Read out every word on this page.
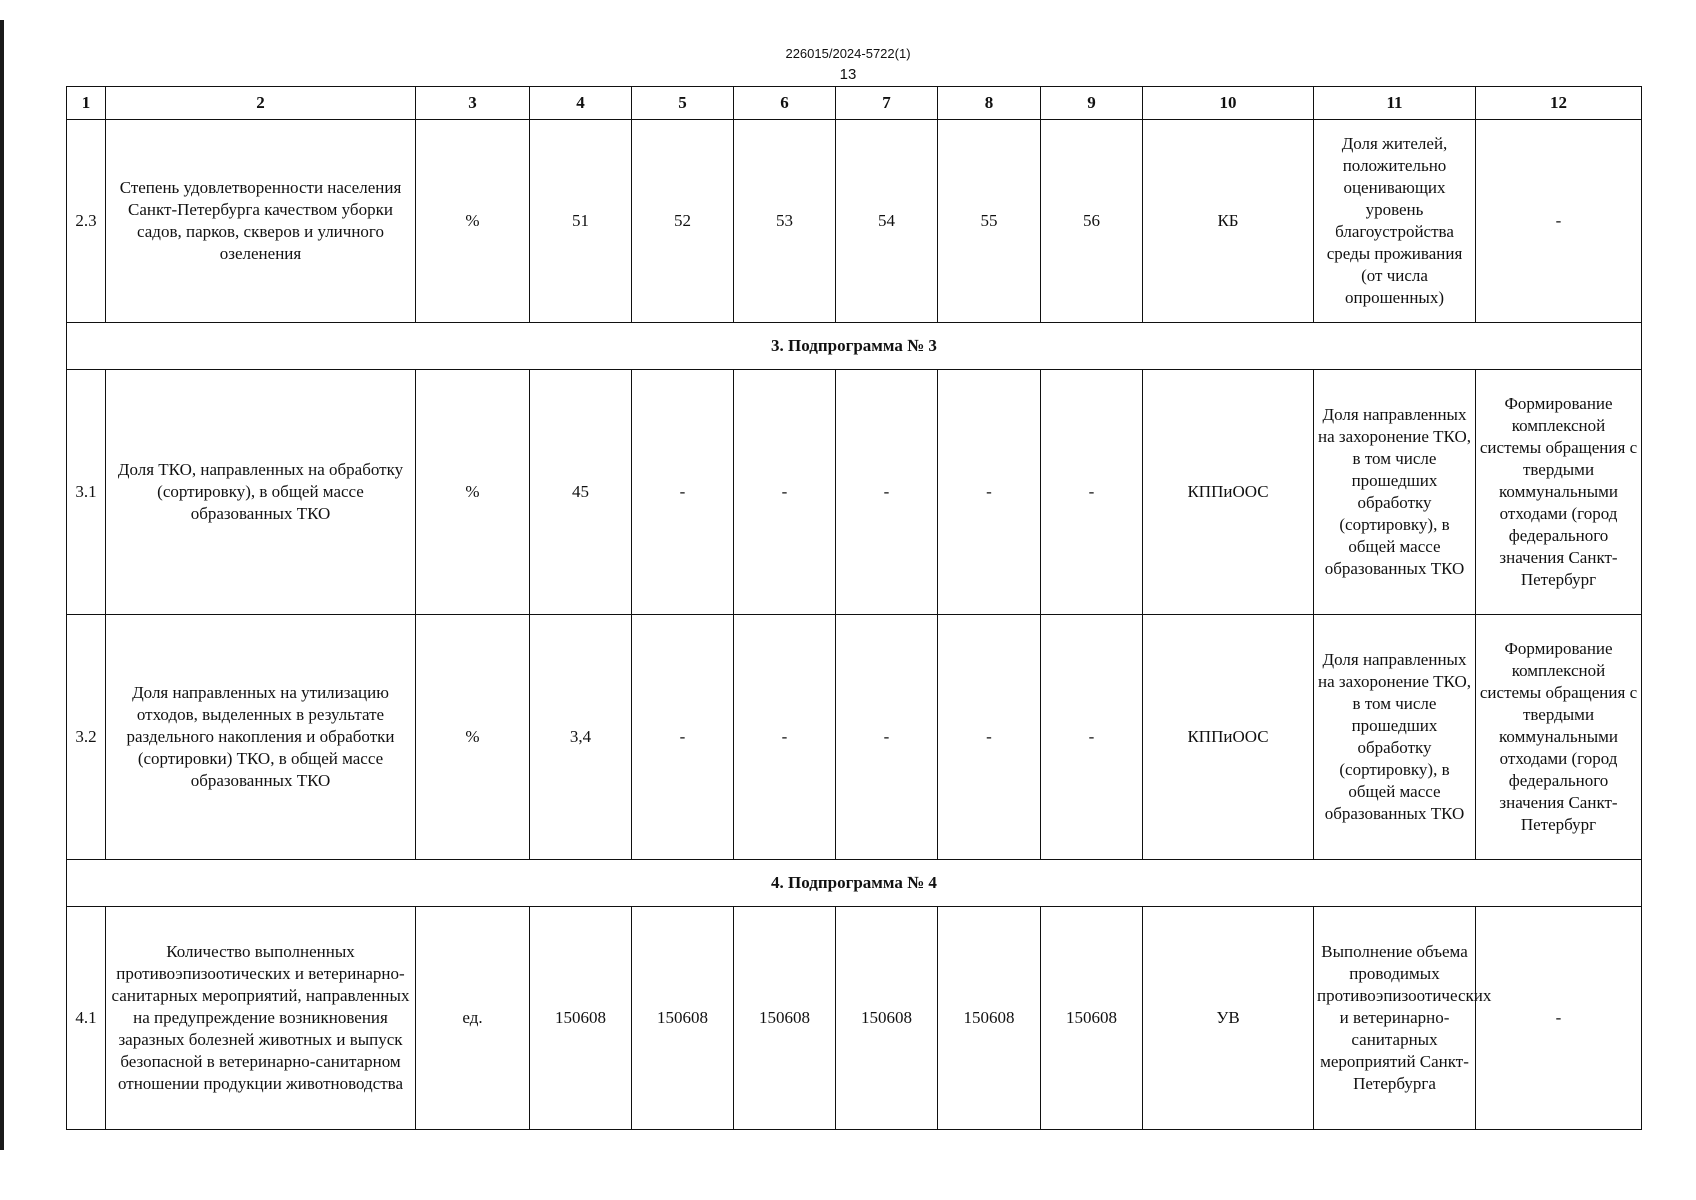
226015/2024-5722(1)
13
1	2	3	4	5	6	7	8	9	10	11	12
2.3	Степень удовлетворенности населения Санкт-Петербурга качеством уборки садов, парков, скверов и уличного озеленения	%	51	52	53	54	55	56	КБ	Доля жителей, положительно оценивающих уровень благоустройства среды проживания (от числа опрошенных)	-
3. Подпрограмма № 3											
3.1	Доля ТКО, направленных на обработку (сортировку), в общей массе образованных ТКО	%	45	-	-	-	-	-	КППиООС	Доля направленных на захоронение ТКО, в том числе прошедших обработку (сортировку), в общей массе образованных ТКО	Формирование комплексной системы обращения с твердыми коммунальными отходами (город федерального значения Санкт-Петербург
3.2	Доля направленных на утилизацию отходов, выделенных в результате раздельного накопления и обработки (сортировки) ТКО, в общей массе образованных ТКО	%	3,4	-	-	-	-	-	КППиООС	Доля направленных на захоронение ТКО, в том числе прошедших обработку (сортировку), в общей массе образованных ТКО	Формирование комплексной системы обращения с твердыми коммунальными отходами (город федерального значения Санкт-Петербург
4. Подпрограмма № 4											
4.1	Количество выполненных противоэпизоотических и ветеринарно-санитарных мероприятий, направленных на предупреждение возникновения заразных болезней животных и выпуск безопасной в ветеринарно-санитарном отношении продукции животноводства	ед.	150608	150608	150608	150608	150608	150608	УВ	Выполнение объема проводимых противоэпизоотических и ветеринарно-санитарных мероприятий Санкт-Петербурга	-
